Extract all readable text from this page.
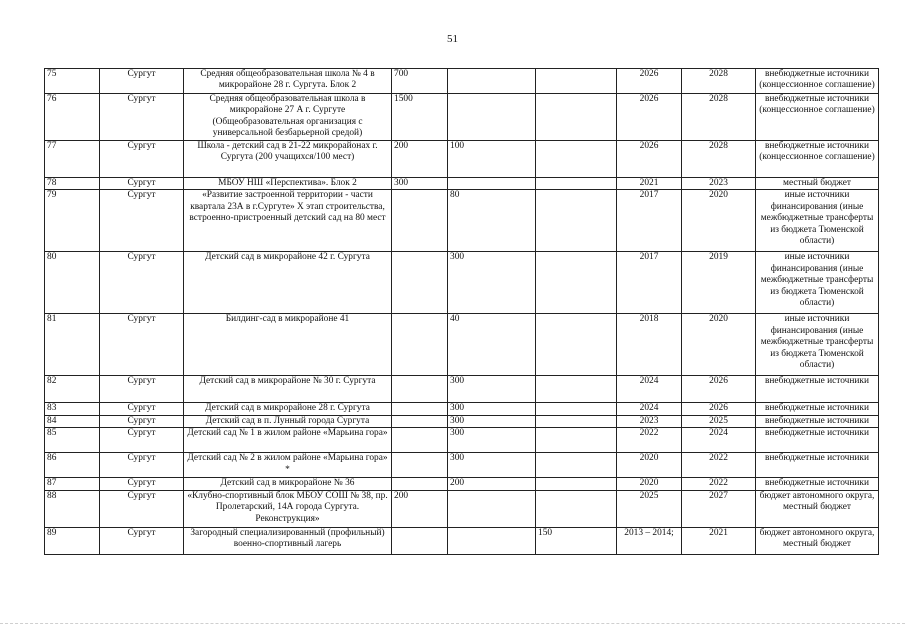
51
75	Сургут	Средняя общеобразовательная школа № 4 в микрорайоне 28 г. Сургута. Блок 2	700			2026	2028	внебюджетные источники (концессионное соглашение)
76	Сургут	Средняя общеобразовательная школа в микрорайоне 27 А г. Сургуте (Общеобразовательная организация с универсальной безбарьерной средой)	1500			2026	2028	внебюджетные источники (концессионное соглашение)
77	Сургут	Школа - детский сад в 21-22 микрорайонах г. Сургута (200 учащихся/100 мест)	200	100		2026	2028	внебюджетные источники (концессионное соглашение)
78	Сургут	МБОУ НШ «Перспектива». Блок 2	300			2021	2023	местный бюджет
79	Сургут	«Развитие застроенной территории - части квартала 23А в г.Сургуте» Х этап строительства, встроенно-пристроенный детский сад на 80 мест		80		2017	2020	иные источники финансирования (иные межбюджетные трансферты из бюджета Тюменской области)
80	Сургут	Детский сад в микрорайоне 42 г. Сургута		300		2017	2019	иные источники финансирования (иные межбюджетные трансферты из бюджета Тюменской области)
81	Сургут	Билдинг-сад в микрорайоне 41		40		2018	2020	иные источники финансирования (иные межбюджетные трансферты из бюджета Тюменской области)
82	Сургут	Детский сад в микрорайоне № 30 г. Сургута		300		2024	2026	внебюджетные источники
83	Сургут	Детский сад в микрорайоне 28 г. Сургута		300		2024	2026	внебюджетные источники
84	Сургут	Детский сад в п. Лунный города Сургута		300		2023	2025	внебюджетные источники
85	Сургут	Детский сад № 1 в жилом районе «Марьина гора»		300		2022	2024	внебюджетные источники
86	Сургут	Детский сад № 2 в жилом районе «Марьина гора» *		300		2020	2022	внебюджетные источники
87	Сургут	Детский сад в микрорайоне № 36		200		2020	2022	внебюджетные источники
88	Сургут	«Клубно-спортивный блок МБОУ СОШ № 38, пр. Пролетарский, 14А города Сургута. Реконструкция»	200			2025	2027	бюджет автономного округа, местный бюджет
89	Сургут	Загородный специализированный (профильный) военно-спортивный лагерь			150	2013 – 2014;	2021	бюджет автономного округа, местный бюджет
